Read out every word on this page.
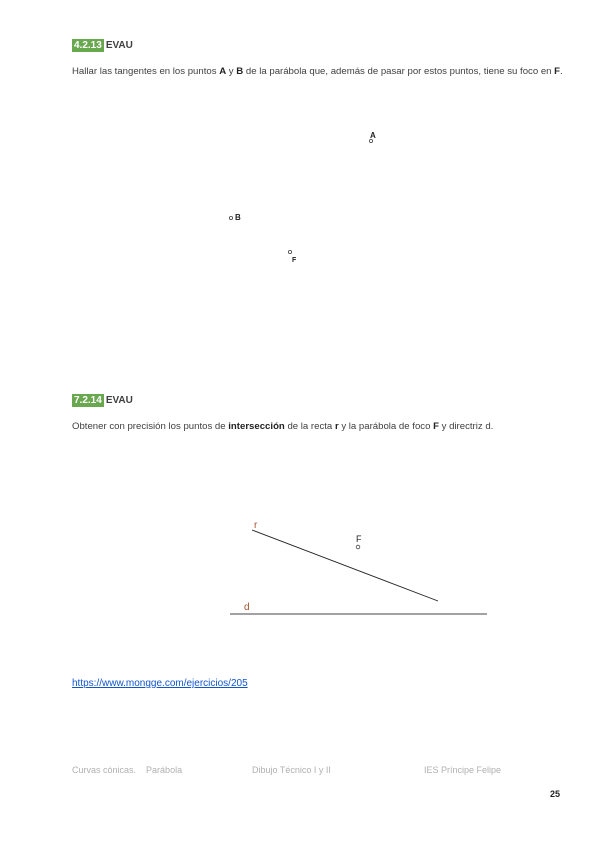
4.2.13 EVAU
Hallar las tangentes en los puntos A y B de la parábola que, además de pasar por estos puntos, tiene su foco en F.
A
B
F
r
F
d
7.2.14 EVAU
Obtener con precisión los puntos de intersección de la recta r y la parábola de foco F y directriz d.
https://www.mongge.com/ejercicios/205
Curvas cónicas. Parábola	Dibujo Técnico I y II	IES Príncipe Felipe
25
